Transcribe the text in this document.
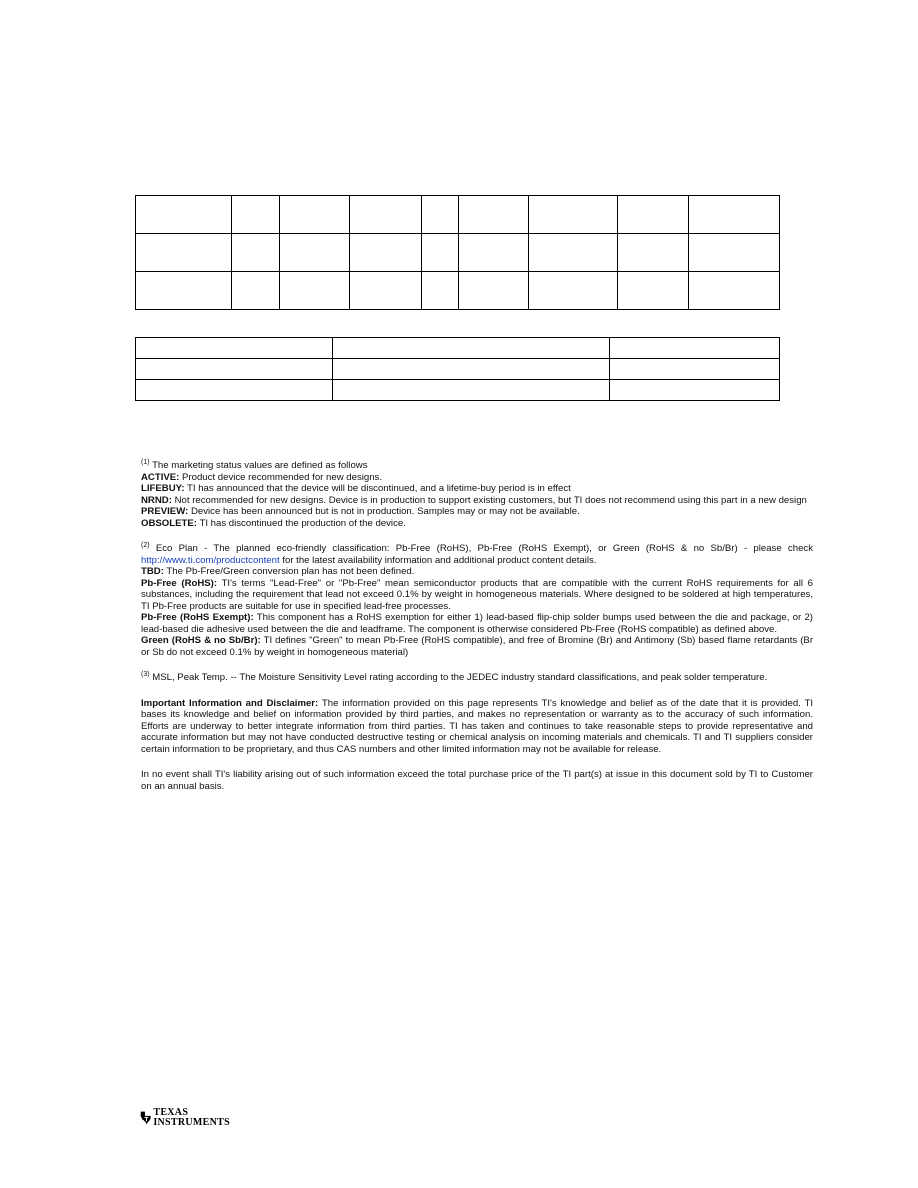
$^{(1)}$ The marketing status values are defined as follows

ACTIVE: Product device recommended for new designs.

LIFEBUY: TI has announced that the device will be discontinued, and a lifetime-buy period is in effect

NRND: Not recommended for new designs. Device is in production to support existing customers, but TI does not recommend using this part in a new design

PREVIEW: Device has been announced but is not in production. Samples may or may not be available.

OBSOLETE: TI has discontinued the production of the device.

$^{(2)}$ Eco Plan - The planned eco-friendly classification: Pb-Free (RoHS), Pb-Free (RoHS Exempt), or Green (RoHS & no Sb/Br) - please check http://www.ti.com/productcontent for the latest availability information and additional product content details.

TBD: The Pb-Free/Green conversion plan has not been defined.

Pb-Free (RoHS): TI's terms "Lead-Free" or "Pb-Free" mean semiconductor products that are compatible with the current RoHS requirements for all 6 substances, including the requirement that lead not exceed 0.1% by weight in homogeneous materials. Where designed to be soldered at high temperatures, TI Pb-Free products are suitable for use in specified lead-free processes.

Pb-Free (RoHS Exempt): This component has a RoHS exemption for either 1) lead-based flip-chip solder bumps used between the die and package, or 2) lead-based die adhesive used between the die and leadframe. The component is otherwise considered Pb-Free (RoHS compatible) as defined above.

Green (RoHS & no Sb/Br): TI defines "Green" to mean Pb-Free (RoHS compatible), and free of Bromine (Br) and Antimony (Sb) based flame retardants (Br or Sb do not exceed 0.1% by weight in homogeneous material)

$^{(3)}$ MSL, Peak Temp. -- The Moisture Sensitivity Level rating according to the JEDEC industry standard classifications, and peak solder temperature.

Important Information and Disclaimer: The information provided on this page represents TI's knowledge and belief as of the date that it is provided. TI bases its knowledge and belief on information provided by third parties, and makes no representation or warranty as to the accuracy of such information. Efforts are underway to better integrate information from third parties. TI has taken and continues to take reasonable steps to provide representative and accurate information but may not have conducted destructive testing or chemical analysis on incoming materials and chemicals. TI and TI suppliers consider certain information to be proprietary, and thus CAS numbers and other limited information may not be available for release.

In no event shall TI's liability arising out of such information exceed the total purchase price of the TI part(s) at issue in this document sold by TI to Customer on an annual basis.

TEXAS
INSTRUMENTS
